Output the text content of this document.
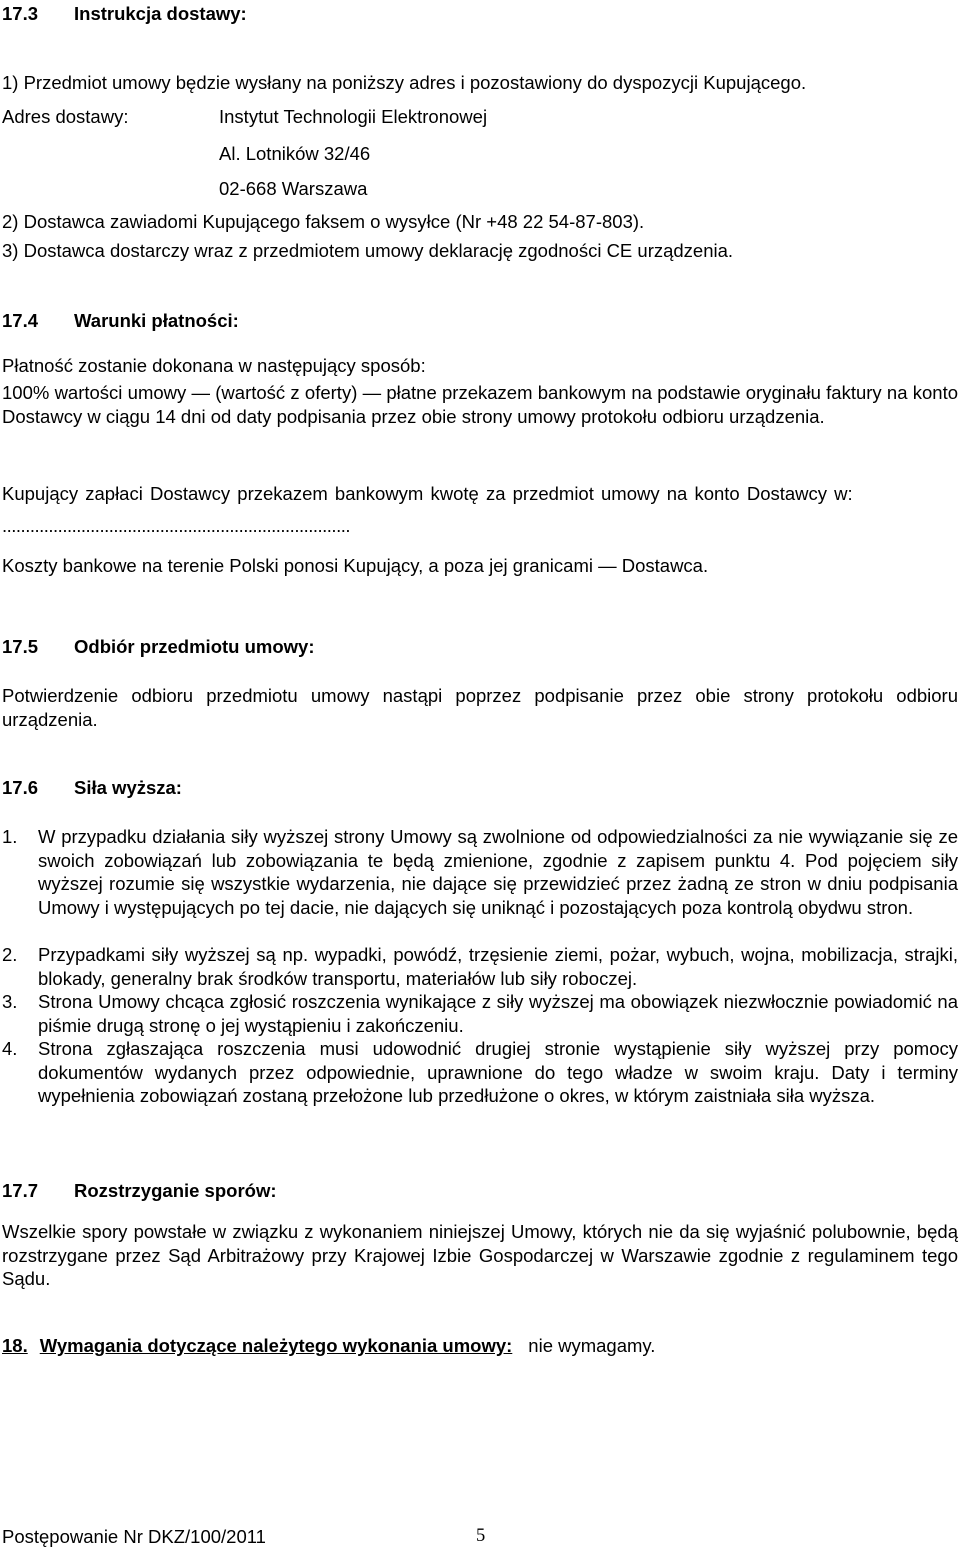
17.3 Instrukcja dostawy:
1) Przedmiot umowy będzie wysłany na poniższy adres i pozostawiony do dyspozycji Kupującego.
Adres dostawy:	Instytut Technologii Elektronowej
Al. Lotników 32/46
02-668 Warszawa
2) Dostawca zawiadomi Kupującego faksem o wysyłce (Nr +48 22 54-87-803).
3) Dostawca dostarczy wraz z przedmiotem umowy deklarację zgodności CE urządzenia.
17.4 Warunki płatności:
Płatność zostanie dokonana w następujący sposób:
100% wartości umowy — (wartość z oferty) — płatne przekazem bankowym na podstawie oryginału faktury na konto Dostawcy w ciągu 14 dni od daty podpisania przez obie strony umowy protokołu odbioru urządzenia.
Kupujący zapłaci Dostawcy przekazem bankowym kwotę za przedmiot umowy na konto Dostawcy w:
...........................................................................
Koszty bankowe na terenie Polski ponosi Kupujący, a poza jej granicami — Dostawca.
17.5 Odbiór przedmiotu umowy:
Potwierdzenie odbioru przedmiotu umowy nastąpi poprzez podpisanie przez obie strony protokołu odbioru urządzenia.
17.6 Siła wyższa:
1. W przypadku działania siły wyższej strony Umowy są zwolnione od odpowiedzialności za nie wywiązanie się ze swoich zobowiązań lub zobowiązania te będą zmienione, zgodnie z zapisem punktu 4. Pod pojęciem siły wyższej rozumie się wszystkie wydarzenia, nie dające się przewidzieć przez żadną ze stron w dniu podpisania Umowy i występujących po tej dacie, nie dających się uniknąć i pozostających poza kontrolą obydwu stron.
2. Przypadkami siły wyższej są np. wypadki, powódź, trzęsienie ziemi, pożar, wybuch, wojna, mobilizacja, strajki, blokady, generalny brak środków transportu, materiałów lub siły roboczej.
3. Strona Umowy chcąca zgłosić roszczenia wynikające z siły wyższej ma obowiązek niezwłocznie powiadomić na piśmie drugą stronę o jej wystąpieniu i zakończeniu.
4. Strona zgłaszająca roszczenia musi udowodnić drugiej stronie wystąpienie siły wyższej przy pomocy dokumentów wydanych przez odpowiednie, uprawnione do tego władze w swoim kraju. Daty i terminy wypełnienia zobowiązań zostaną przełożone lub przedłużone o okres, w którym zaistniała siła wyższa.
17.7 Rozstrzyganie sporów:
Wszelkie spory powstałe w związku z wykonaniem niniejszej Umowy, których nie da się wyjaśnić polubownie, będą rozstrzygane przez Sąd Arbitrażowy przy Krajowej Izbie Gospodarczej w Warszawie zgodnie z regulaminem tego Sądu.
18. Wymagania dotyczące należytego wykonania umowy: nie wymagamy.
Postępowanie Nr DKZ/100/2011	5
